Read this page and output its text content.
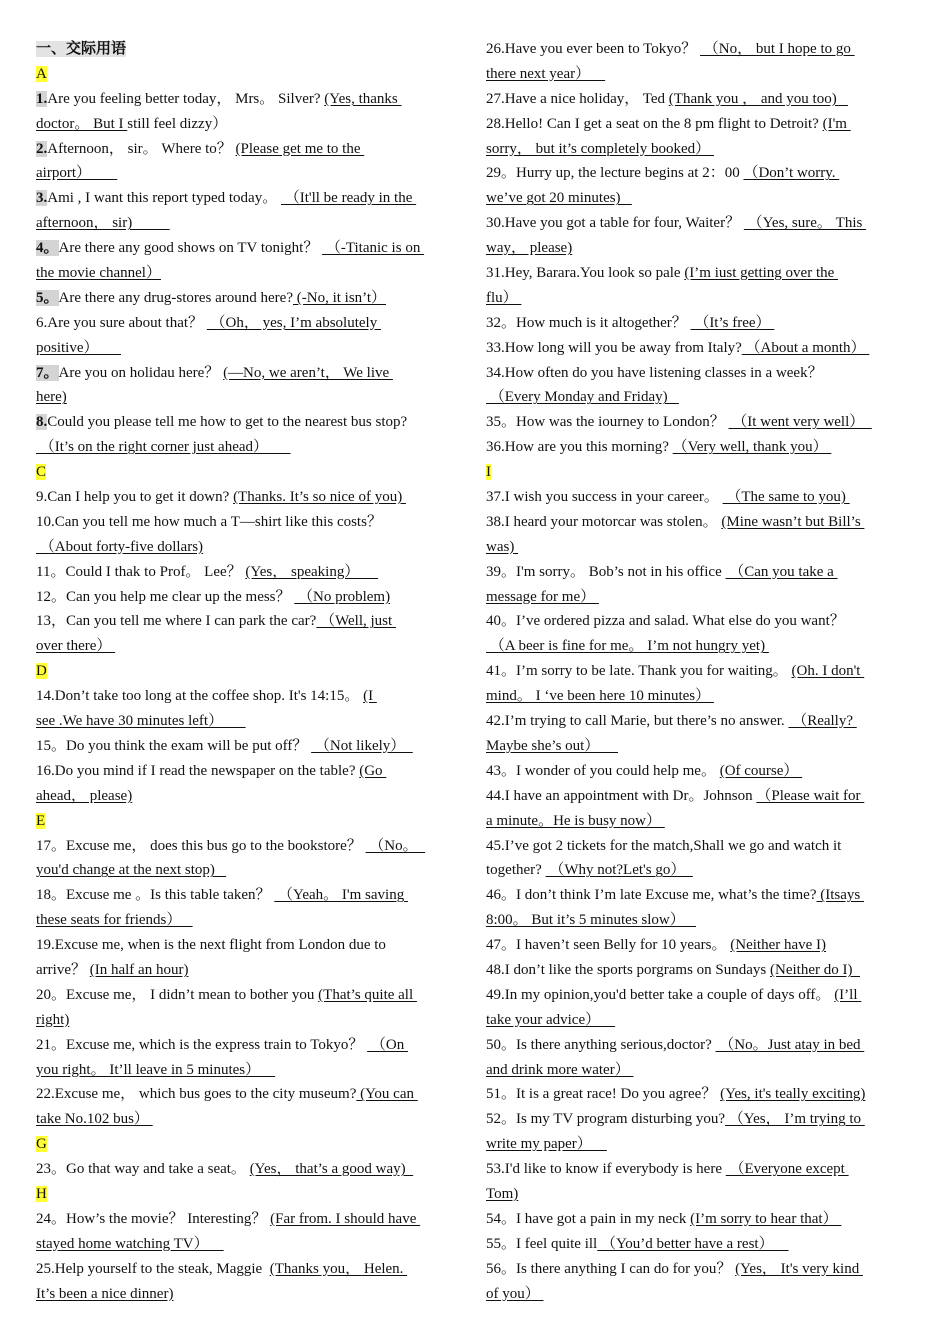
一、交际用语
A
1.Are you feeling better today， Mrs。 Silver? (Yes, thanks
doctor。 But I still feel dizzy）
2.Afternoon， sir。 Where to？ (Please get me to the
airport）
3.Ami , I want this report typed today。  （It'll be ready in the
afternoon， sir)
4。Are there any good shows on TV tonight？  （-Titanic is on
the movie channel）
5。Are there any drug-stores around here? (-No, it isn’t）
6.Are you sure about that？  （Oh， yes, I’m absolutely
positive）
7。Are you on holidau here？ (—No, we aren’t， We live
here)
8.Could you please tell me how to get to the nearest bus stop?
（It’s on the right corner just ahead）
C
9.Can I help you to get it down? (Thanks. It’s so nice of you)
10.Can you tell me how much a T—shirt like this costs？
（About forty-five dollars)
11。Could I thak to Prof。 Lee？ (Yes， speaking）
12。Can you help me clear up the mess？  （No problem)
13，Can you tell me where I can park the car? （Well, just
over there）
D
14.Don’t take too long at the coffee shop. It's 14:15。 (I
see .We have 30 minutes left）
15。Do you think the exam will be put off？  （Not likely）
16.Do you mind if I read the newspaper on the table? (Go
ahead， please)
E
17。Excuse me， does this bus go to the bookstore？  （No。
you'd change at the next stop)
18。Excuse me 。Is this table taken？  （Yeah。 I'm saving
these seats for friends）
19.Excuse me, when is the next flight from London due to
arrive？ (In half an hour)
20。Excuse me， I didn’t mean to bother you (That’s quite all
right)
21。Excuse me, which is the express train to Tokyo？  （On
you right。 It’ll leave in 5 minutes）
22.Excuse me， which bus goes to the city museum? (You can
take No.102 bus）
G
23。Go that way and take a seat。 (Yes， that’s a good way)
H
24。How’s the movie？ Interesting？ (Far from. I should have
stayed home watching TV）
25.Help yourself to the steak, Maggie  (Thanks you， Helen.
It’s been a nice dinner)
26.Have you ever been to Tokyo？  （No， but I hope to go
there next year）
27.Have a nice holiday， Ted (Thank you ， and you too)
28.Hello! Can I get a seat on the 8 pm flight to Detroit? (I'm
sorry， but it’s completely booked）
29。Hurry up, the lecture begins at 2：00 （Don’t worry.
we’ve got 20 minutes)
30.Have you got a table for four, Waiter？  （Yes, sure。 This
way， please)
31.Hey, Barara.You look so pale (I’m iust getting over the
flu）
32。How much is it altogether？  （It’s free）
33.How long will you be away from Italy? （About a month）
34.How often do you have listening classes in a week？
（Every Monday and Friday)
35。How was the iourney to London？  （It went very well）
36.How are you this morning? （Very well, thank you）
I
37.I wish you success in your career。  （The same to you)
38.I heard your motorcar was stolen。 (Mine wasn’t but Bill’s
was)
39。I'm sorry。 Bob’s not in his office  （Can you take a
message for me）
40。I’ve ordered pizza and salad. What else do you want？
（A beer is fine for me。 I’m not hungry yet)
41。I’m sorry to be late. Thank you for waiting。 (Oh. I don't
mind。 I ‘ve been here 10 minutes）
42.I’m trying to call Marie, but there’s no answer.  （Really?
Maybe she’s out）
43。I wonder of you could help me。 (Of course）
44.I have an appointment with Dr。Johnson （Please wait for
a minute。He is busy now）
45.I’ve got 2 tickets for the match,Shall we go and watch it
together?  （Why not?Let's go）
46。I don’t think I’m late Excuse me, what’s the time? (Itsays
8:00。 But it’s 5 minutes slow）
47。I haven’t seen Belly for 10 years。 (Neither have I)
48.I don’t like the sports porgrams on Sundays (Neither do I)
49.In my opinion,you'd better take a couple of days off。 (I’ll
take your advice）
50。Is there anything serious,doctor?  （No。Just atay in bed
and drink more water）
51。It is a great race! Do you agree？ (Yes, it's teally exciting)
52。Is my TV program disturbing you? （Yes， I’m trying to
write my paper）
53.I'd like to know if everybody is here  （Everyone except
Tom)
54。I have got a pain in my neck (I’m sorry to hear that）
55。I feel quite ill （You’d better have a rest）
56。Is there anything I can do for you？ (Yes， It's very kind
of you）
